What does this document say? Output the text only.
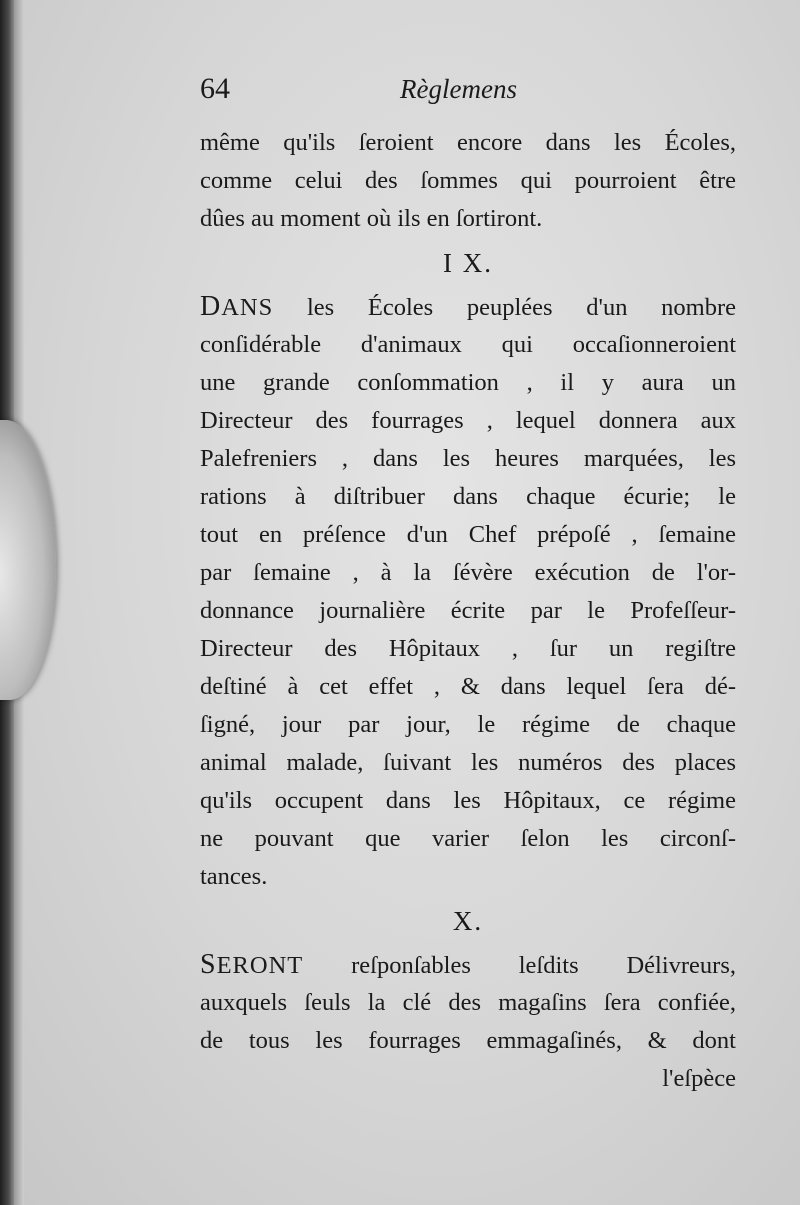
64	Règlemens
même qu'ils ſeroient encore dans les Écoles,
comme celui des ſommes qui pourroient être
dûes au moment où ils en ſortiront.
I X.
DANS les Écoles peuplées d'un nombre
conſidérable d'animaux qui occaſionneroient
une grande conſommation , il y aura un
Directeur des fourrages , lequel donnera aux
Palefreniers , dans les heures marquées, les
rations à diſtribuer dans chaque écurie; le
tout en préſence d'un Chef prépoſé , ſemaine
par ſemaine , à la ſévère exécution de l'or-
donnance journalière écrite par le Profeſſeur-
Directeur des Hôpitaux , ſur un regiſtre
deſtiné à cet effet , & dans lequel ſera dé-
ſigné, jour par jour, le régime de chaque
animal malade, ſuivant les numéros des places
qu'ils occupent dans les Hôpitaux, ce régime
ne pouvant que varier ſelon les circonſ-
tances.
X.
SERONT reſponſables leſdits Délivreurs,
auxquels ſeuls la clé des magaſins ſera confiée,
de tous les fourrages emmagaſinés, & dont
l'eſpèce
